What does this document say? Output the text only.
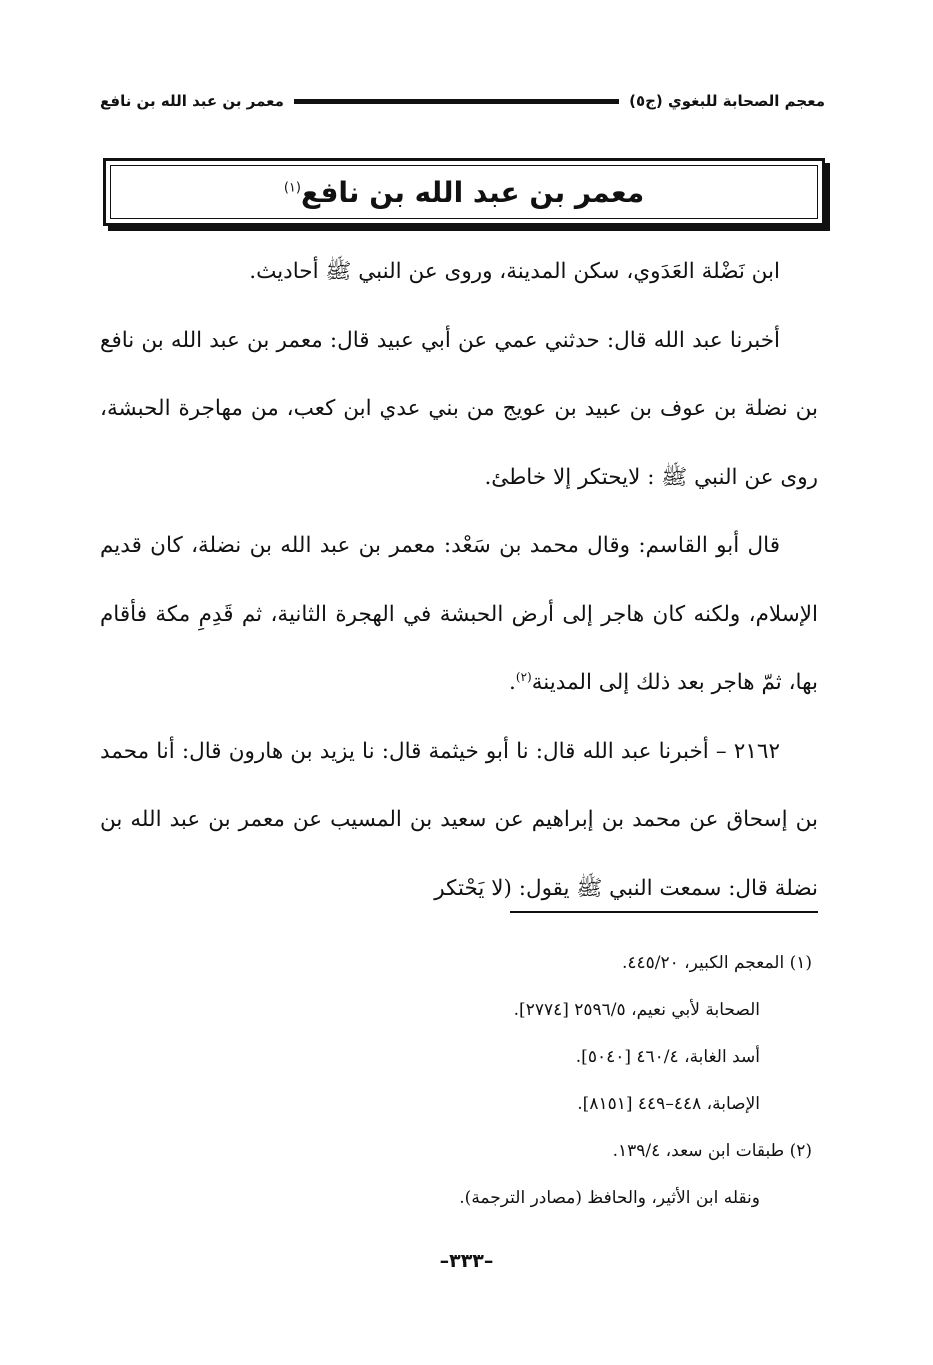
معجم الصحابة للبغوي (ج٥)
معمر بن عبد الله بن نافع
معمر بن عبد الله بن نافع$^{(١)}$

ابن نَضْلة العَدَوي، سكن المدينة، وروى عن النبي ﷺ أحاديث.

أخبرنا عبد الله قال: حدثني عمي عن أبي عبيد قال: معمر بن عبد الله بن نافع بن نضلة بن عوف بن عبيد بن عويج من بني عدي ابن كعب، من مهاجرة الحبشة، روى عن النبي ﷺ : لايحتكر إلا خاطئ.

قال أبو القاسم: وقال محمد بن سَعْد: معمر بن عبد الله بن نضلة، كان قديم الإسلام، ولكنه كان هاجر إلى أرض الحبشة في الهجرة الثانية، ثم قَدِمِ مكة فأقام بها، ثمّ هاجر بعد ذلك إلى المدينة$^{(٢)}$.

٢١٦٢ – أخبرنا عبد الله قال: نا أبو خيثمة قال: نا يزيد بن هارون قال: أنا محمد بن إسحاق عن محمد بن إبراهيم عن سعيد بن المسيب عن معمر بن عبد الله بن نضلة قال: سمعت النبي ﷺ يقول: (لا يَحْتكر

(١) المعجم الكبير، ٤٤٥/٢٠.
الصحابة لأبي نعيم، ٢٥٩٦/٥ [٢٧٧٤].
أسد الغابة، ٤٦٠/٤ [٥٠٤٠].
الإصابة، ٤٤٨–٤٤٩ [٨١٥١].
(٢) طبقات ابن سعد، ١٣٩/٤.
ونقله ابن الأثير، والحافظ (مصادر الترجمة).
–٣٣٣–
